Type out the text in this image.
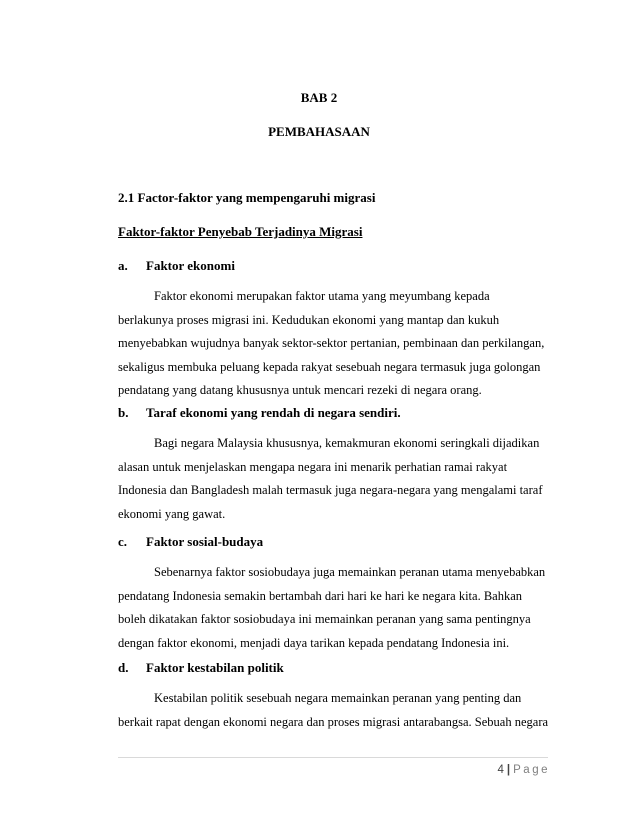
BAB 2
PEMBAHASAAN
2.1 Factor-faktor yang mempengaruhi migrasi
Faktor-faktor Penyebab Terjadinya Migrasi
a. Faktor ekonomi
Faktor ekonomi merupakan faktor utama yang meyumbang kepada
berlakunya proses migrasi ini. Kedudukan ekonomi yang mantap dan kukuh
menyebabkan wujudnya banyak sektor-sektor pertanian, pembinaan dan perkilangan,
sekaligus membuka peluang kepada rakyat sesebuah negara termasuk juga golongan
pendatang yang datang khususnya untuk mencari rezeki di negara orang.
b. Taraf ekonomi yang rendah di negara sendiri.
Bagi negara Malaysia khususnya, kemakmuran ekonomi seringkali dijadikan
alasan untuk menjelaskan mengapa negara ini menarik perhatian ramai rakyat
Indonesia dan Bangladesh malah termasuk juga negara-negara yang mengalami taraf
ekonomi yang gawat.
c. Faktor sosial-budaya
Sebenarnya faktor sosiobudaya juga memainkan peranan utama menyebabkan
pendatang Indonesia semakin bertambah dari hari ke hari ke negara kita. Bahkan
boleh dikatakan faktor sosiobudaya ini memainkan peranan yang sama pentingnya
dengan faktor ekonomi, menjadi daya tarikan kepada pendatang Indonesia ini.
d. Faktor kestabilan politik
Kestabilan politik sesebuah negara memainkan peranan yang penting dan
berkait rapat dengan ekonomi negara dan proses migrasi antarabangsa. Sebuah negara
4 | Page
